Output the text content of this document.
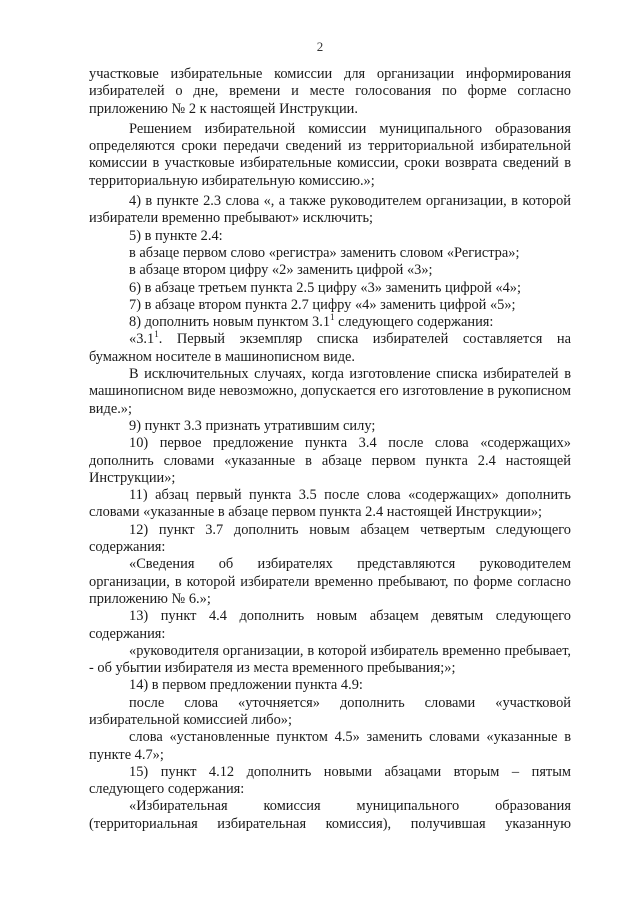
2

участковые избирательные комиссии для организации информирования избирателей о дне, времени и месте голосования по форме согласно приложению № 2 к настоящей Инструкции.

Решением избирательной комиссии муниципального образования определяются сроки передачи сведений из территориальной избирательной комиссии в участковые избирательные комиссии, сроки возврата сведений в территориальную избирательную комиссию.»;

4) в пункте 2.3 слова «, а также руководителем организации, в которой избиратели временно пребывают» исключить;

5) в пункте 2.4:

в абзаце первом слово «регистра» заменить словом «Регистра»;

в абзаце втором цифру «2» заменить цифрой «3»;

6) в абзаце третьем пункта 2.5 цифру «3» заменить цифрой «4»;

7) в абзаце втором пункта 2.7 цифру «4» заменить цифрой «5»;

8) дополнить новым пунктом $3.1^1$ следующего содержания:

«$3.1^1$. Первый экземпляр списка избирателей составляется на бумажном носителе в машинописном виде.

В исключительных случаях, когда изготовление списка избирателей в машинописном виде невозможно, допускается его изготовление в рукописном виде.»;

9) пункт 3.3 признать утратившим силу;

10) первое предложение пункта 3.4 после слова «содержащих» дополнить словами «указанные в абзаце первом пункта 2.4 настоящей Инструкции»;

11) абзац первый пункта 3.5 после слова «содержащих» дополнить словами «указанные в абзаце первом пункта 2.4 настоящей Инструкции»;

12) пункт 3.7 дополнить новым абзацем четвертым следующего содержания:

«Сведения об избирателях представляются руководителем организации, в которой избиратели временно пребывают, по форме согласно приложению № 6.»;

13) пункт 4.4 дополнить новым абзацем девятым следующего содержания:

«руководителя организации, в которой избиратель временно пребывает, - об убытии избирателя из места временного пребывания;»;

14) в первом предложении пункта 4.9:

после слова «уточняется» дополнить словами «участковой избирательной комиссией либо»;

слова «установленные пунктом 4.5» заменить словами «указанные в пункте 4.7»;

15) пункт 4.12 дополнить новыми абзацами вторым – пятым следующего содержания:

«Избирательная комиссия муниципального образования (территориальная избирательная комиссия), получившая указанную
